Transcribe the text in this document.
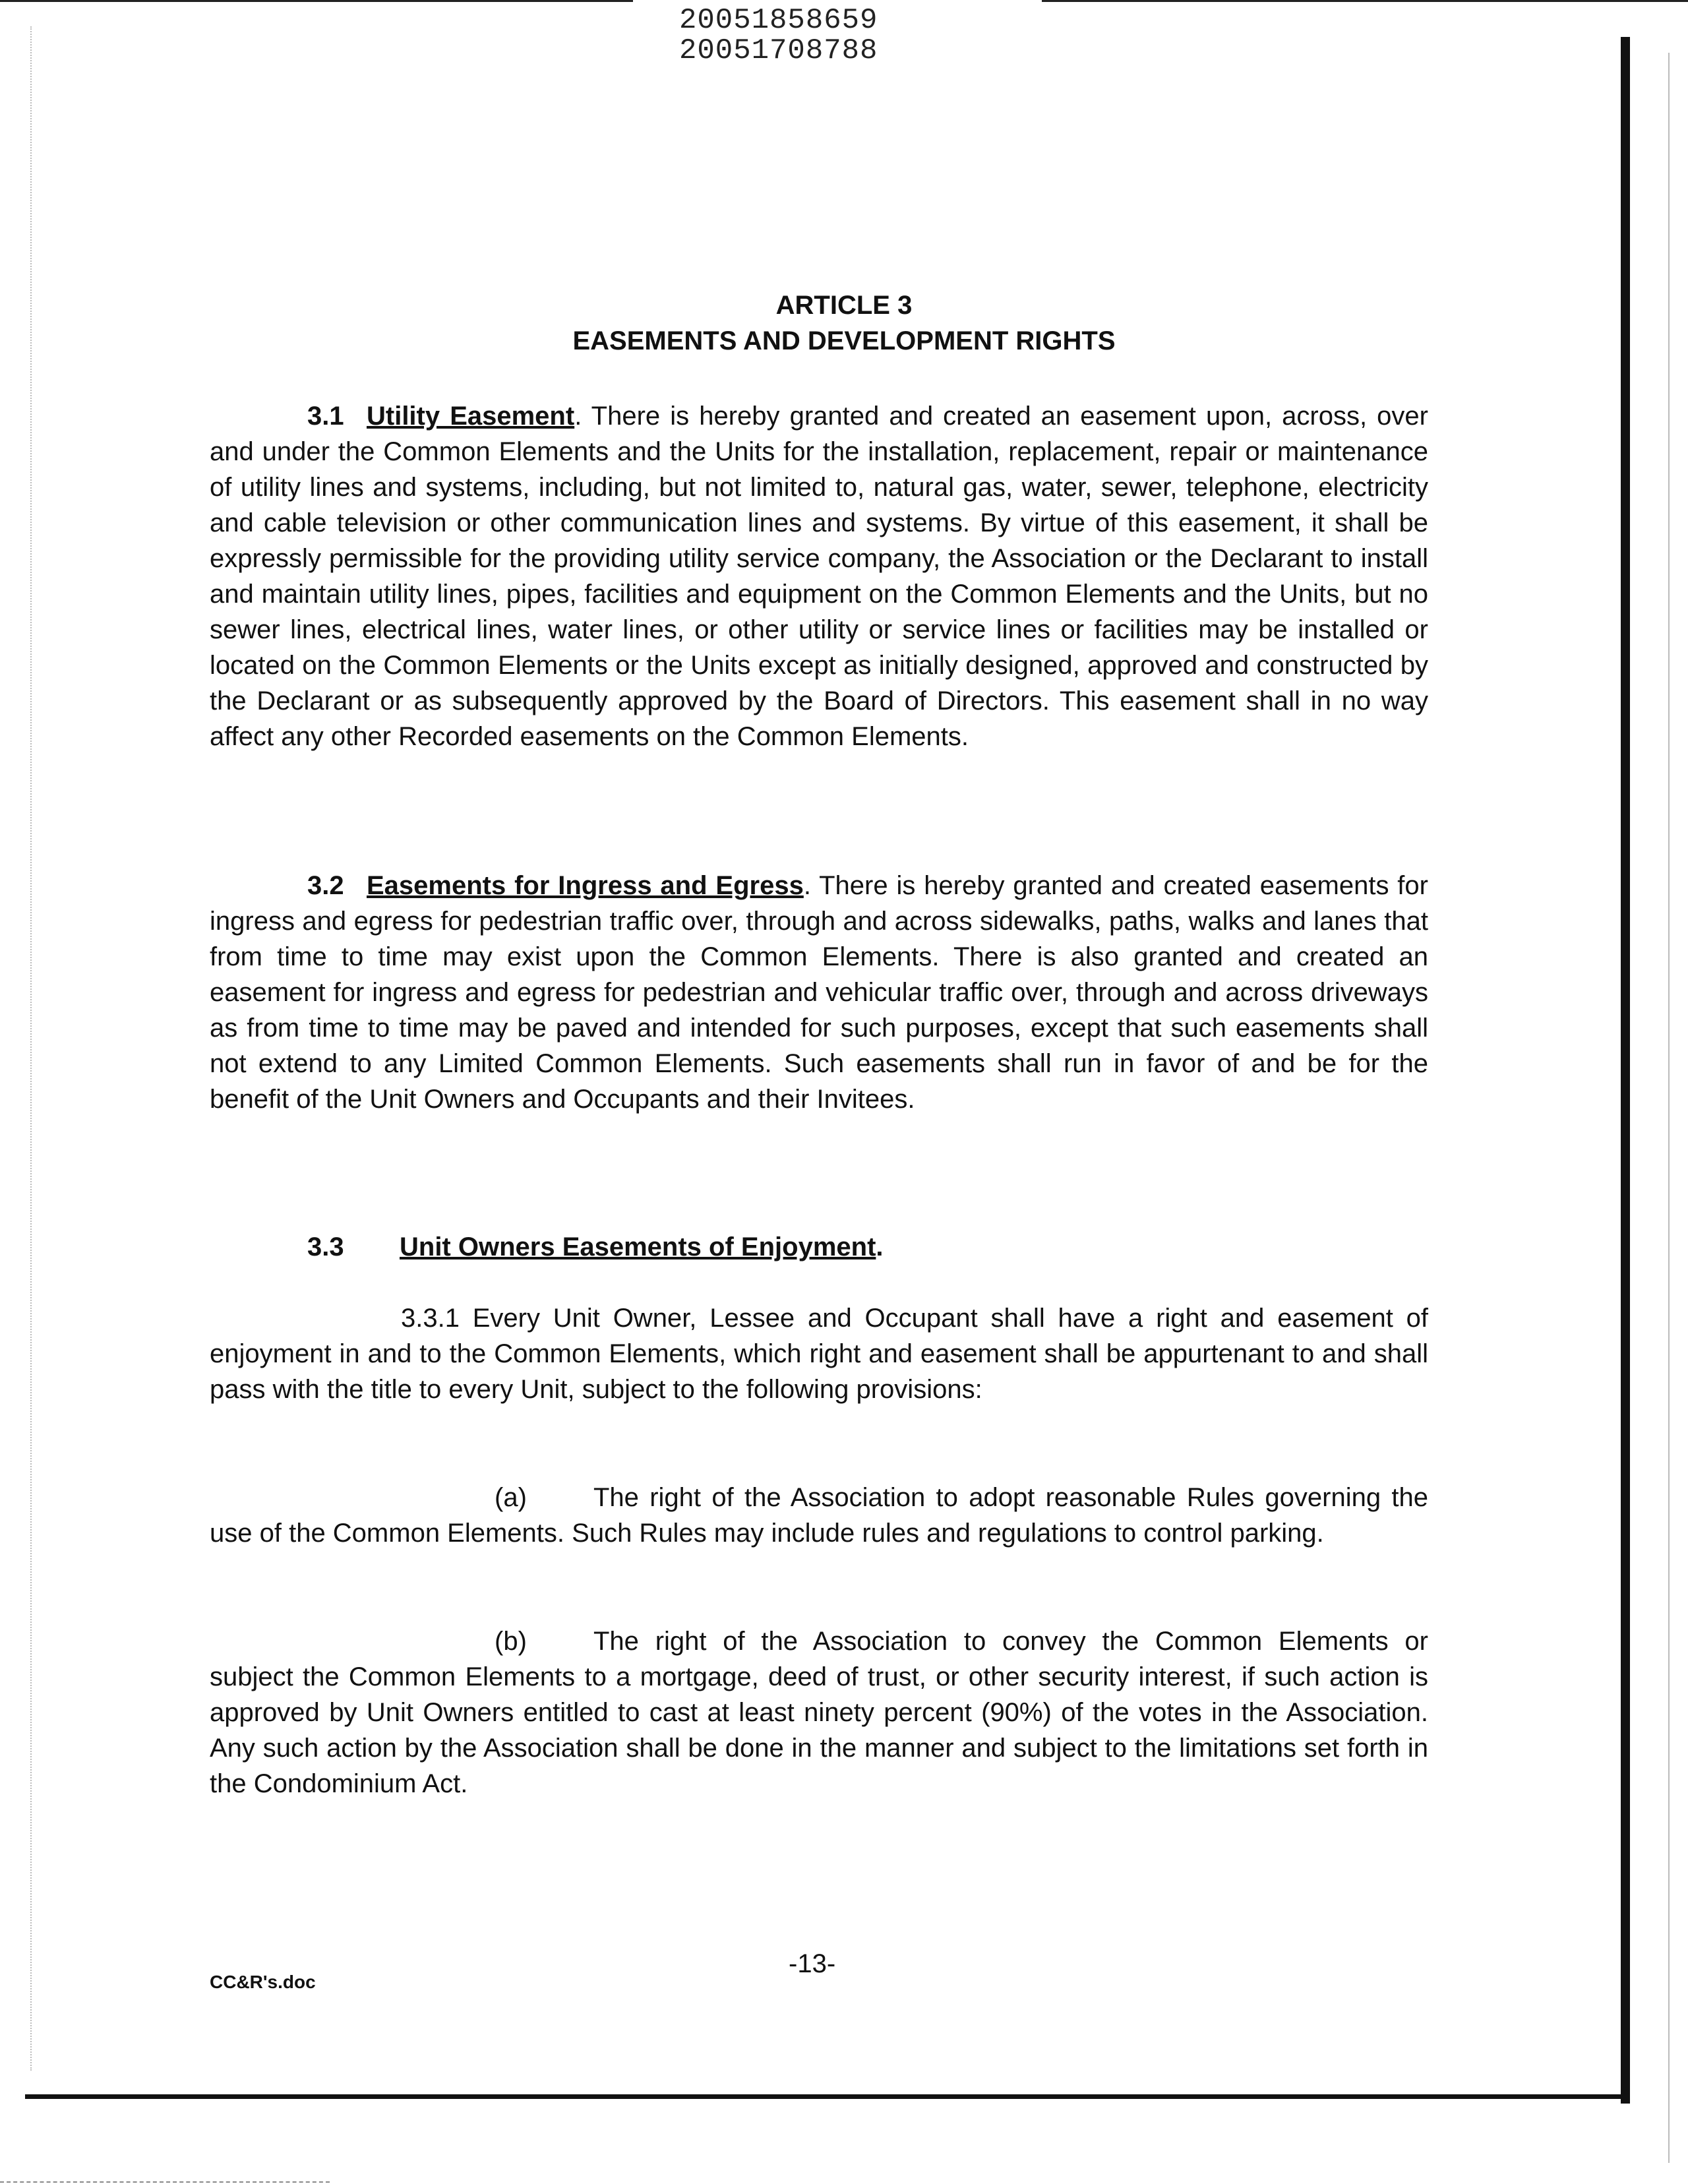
20051858659
20051708788
ARTICLE 3
EASEMENTS AND DEVELOPMENT RIGHTS
3.1 Utility Easement. There is hereby granted and created an easement upon, across, over and under the Common Elements and the Units for the installation, replacement, repair or maintenance of utility lines and systems, including, but not limited to, natural gas, water, sewer, telephone, electricity and cable television or other communication lines and systems. By virtue of this easement, it shall be expressly permissible for the providing utility service company, the Association or the Declarant to install and maintain utility lines, pipes, facilities and equipment on the Common Elements and the Units, but no sewer lines, electrical lines, water lines, or other utility or service lines or facilities may be installed or located on the Common Elements or the Units except as initially designed, approved and constructed by the Declarant or as subsequently approved by the Board of Directors. This easement shall in no way affect any other Recorded easements on the Common Elements.
3.2 Easements for Ingress and Egress. There is hereby granted and created easements for ingress and egress for pedestrian traffic over, through and across sidewalks, paths, walks and lanes that from time to time may exist upon the Common Elements. There is also granted and created an easement for ingress and egress for pedestrian and vehicular traffic over, through and across driveways as from time to time may be paved and intended for such purposes, except that such easements shall not extend to any Limited Common Elements. Such easements shall run in favor of and be for the benefit of the Unit Owners and Occupants and their Invitees.
3.3 Unit Owners Easements of Enjoyment.
3.3.1 Every Unit Owner, Lessee and Occupant shall have a right and easement of enjoyment in and to the Common Elements, which right and easement shall be appurtenant to and shall pass with the title to every Unit, subject to the following provisions:
(a)	The right of the Association to adopt reasonable Rules governing the use of the Common Elements. Such Rules may include rules and regulations to control parking.
(b)	The right of the Association to convey the Common Elements or subject the Common Elements to a mortgage, deed of trust, or other security interest, if such action is approved by Unit Owners entitled to cast at least ninety percent (90%) of the votes in the Association. Any such action by the Association shall be done in the manner and subject to the limitations set forth in the Condominium Act.
CC&R's.doc
-13-
